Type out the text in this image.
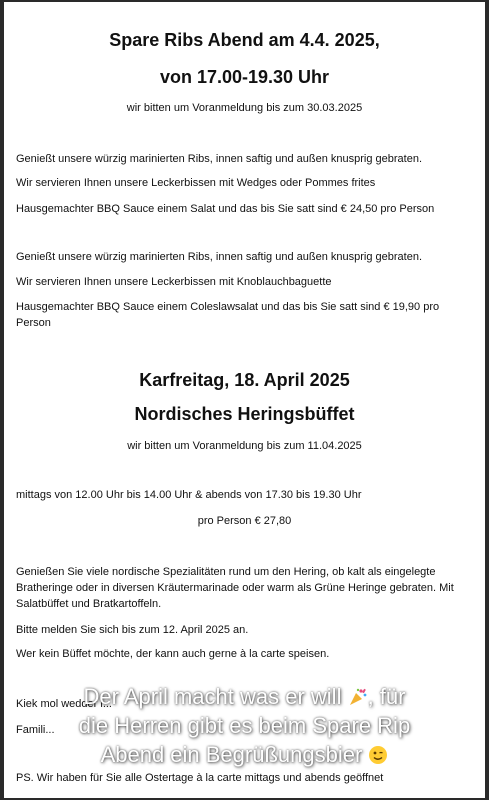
Spare Ribs Abend am 4.4. 2025,
von 17.00-19.30 Uhr
wir bitten um Voranmeldung bis zum 30.03.2025
Genießt unsere würzig marinierten Ribs, innen saftig und außen knusprig gebraten.
Wir servieren Ihnen unsere Leckerbissen mit Wedges oder Pommes frites
Hausgemachter BBQ Sauce einem Salat und das bis Sie satt sind € 24,50 pro Person
Genießt unsere würzig marinierten Ribs, innen saftig und außen knusprig gebraten.
Wir servieren Ihnen unsere Leckerbissen mit Knoblauchbaguette
Hausgemachter BBQ Sauce einem Coleslawsalat und das bis Sie satt sind € 19,90 pro Person
Karfreitag, 18. April 2025
Nordisches Heringsbüffet
wir bitten um Voranmeldung bis zum 11.04.2025
mittags von 12.00 Uhr bis 14.00 Uhr & abends von 17.30 bis 19.30 Uhr
pro Person € 27,80
Genießen Sie viele nordische Spezialitäten rund um den Hering, ob kalt als eingelegte Bratheringe oder in diversen Kräutermarinade oder warm als Grüne Heringe gebraten. Mit Salatbüffet und Bratkartoffeln.
Bitte melden Sie sich bis zum 12. April 2025 an.
Wer kein Büffet möchte, der kann auch gerne à la carte speisen.
Kiek mol wedder i...
Famili...
PS. Wir haben für Sie alle Ostertage à la carte mittags und abends geöffnet
Der April macht was er will , für
die Herren gibt es beim Spare Rip
Abend ein Begrüßungsbier
